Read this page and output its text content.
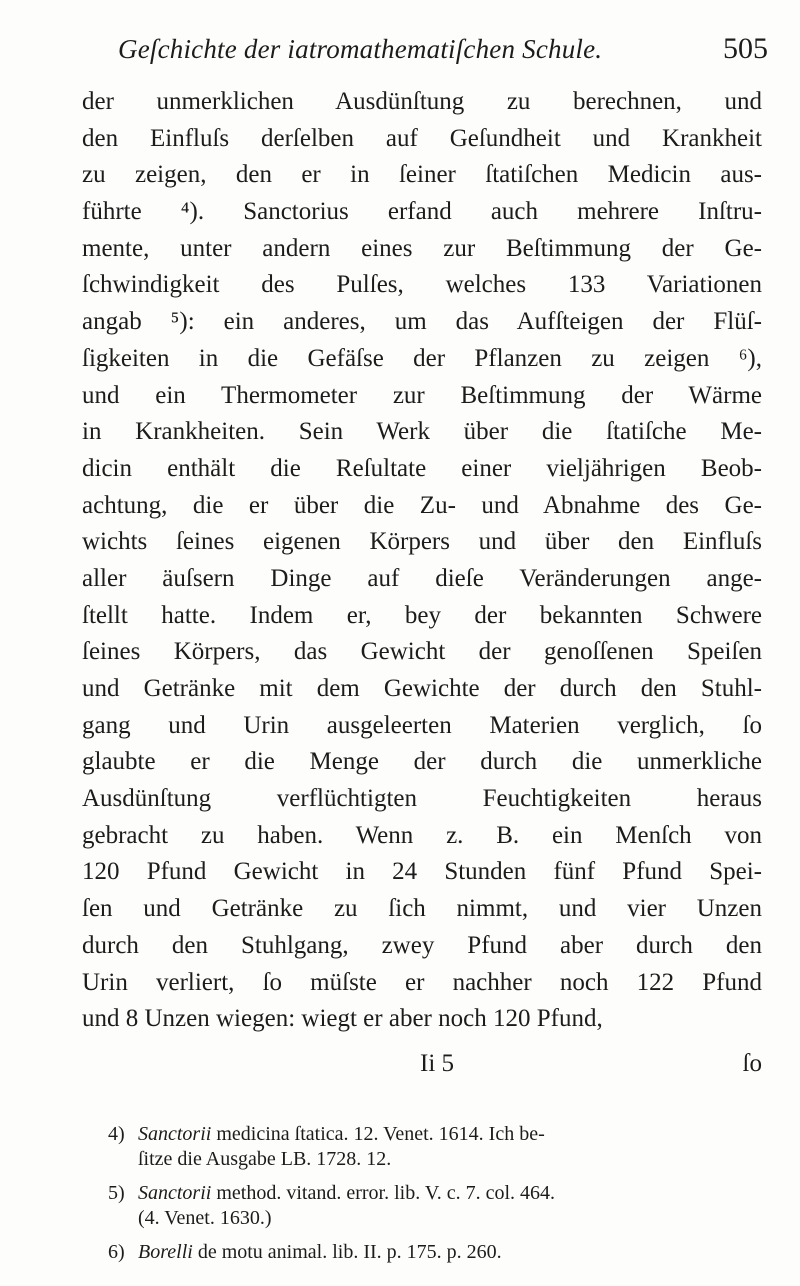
Geſchichte der iatromathematiſchen Schule.	505
der unmerklichen Ausdünſtung zu berechnen, und
den Einfluſs derſelben auf Geſundheit und Krankheit
zu zeigen, den er in ſeiner ſtatiſchen Medicin aus-
führte ⁴). Sanctorius erfand auch mehrere Inſtru-
mente, unter andern eines zur Beſtimmung der Ge-
ſchwindigkeit des Pulſes, welches 133 Variationen
angab ⁵): ein anderes, um das Aufſteigen der Flüſ-
ſigkeiten in die Gefäſse der Pflanzen zu zeigen ⁶),
und ein Thermometer zur Beſtimmung der Wärme
in Krankheiten. Sein Werk über die ſtatiſche Me-
dicin enthält die Reſultate einer vieljährigen Beob-
achtung, die er über die Zu- und Abnahme des Ge-
wichts ſeines eigenen Körpers und über den Einfluſs
aller äuſsern Dinge auf dieſe Veränderungen ange-
ſtellt hatte. Indem er, bey der bekannten Schwere
ſeines Körpers, das Gewicht der genoſſenen Speiſen
und Getränke mit dem Gewichte der durch den Stuhl-
gang und Urin ausgeleerten Materien verglich, ſo
glaubte er die Menge der durch die unmerkliche
Ausdünſtung verflüchtigten Feuchtigkeiten heraus
gebracht zu haben. Wenn z. B. ein Menſch von
120 Pfund Gewicht in 24 Stunden fünf Pfund Spei-
ſen und Getränke zu ſich nimmt, und vier Unzen
durch den Stuhlgang, zwey Pfund aber durch den
Urin verliert, ſo müſste er nachher noch 122 Pfund
und 8 Unzen wiegen: wiegt er aber noch 120 Pfund,
Ii 5	ſo
4) Sanctorii medicina ſtatica. 12. Venet. 1614. Ich be-
ſitze die Ausgabe LB. 1728. 12.
5) Sanctorii method. vitand. error. lib. V. c. 7. col. 464.
(4. Venet. 1630.)
6) Borelli de motu animal. lib. II. p. 175. p. 260.
